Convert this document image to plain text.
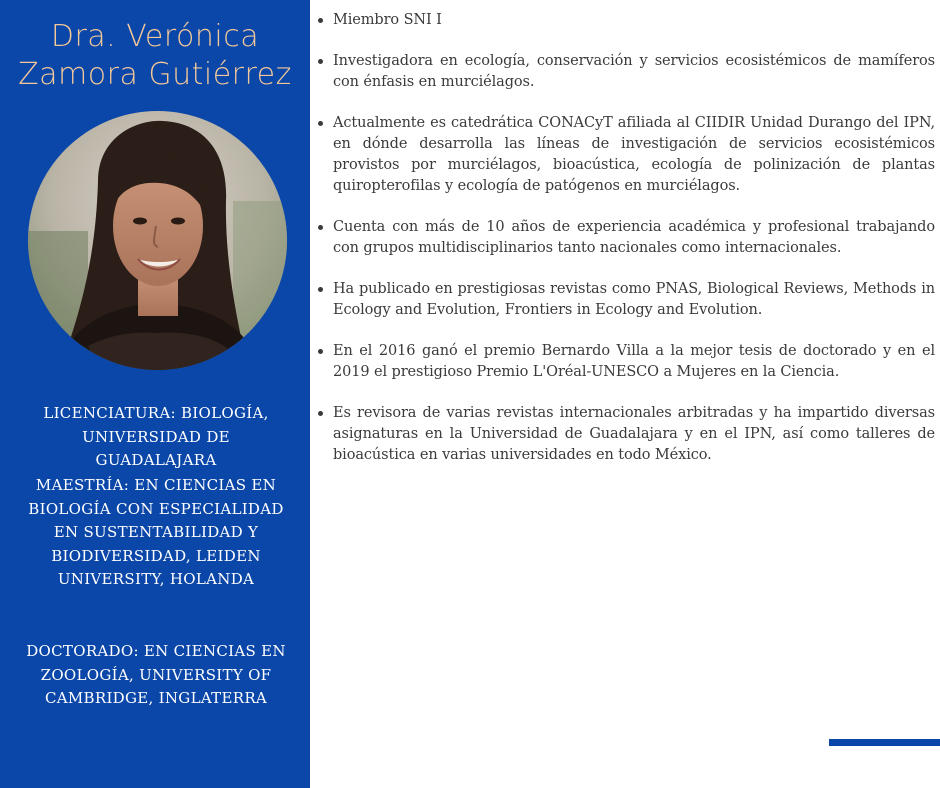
Dra. Verónica
Zamora Gutiérrez
LICENCIATURA: BIOLOGÍA, UNIVERSIDAD DE GUADALAJARA
MAESTRÍA: EN CIENCIAS EN BIOLOGÍA CON ESPECIALIDAD EN SUSTENTABILIDAD Y BIODIVERSIDAD, LEIDEN UNIVERSITY, HOLANDA
DOCTORADO: EN CIENCIAS EN ZOOLOGÍA, UNIVERSITY OF CAMBRIDGE, INGLATERRA
Miembro SNI I
Investigadora en ecología, conservación y servicios ecosistémicos de mamíferos con énfasis en murciélagos.
Actualmente es catedrática CONACyT afiliada al CIIDIR Unidad Durango del IPN, en dónde desarrolla las líneas de investigación de servicios ecosistémicos provistos por murciélagos, bioacústica, ecología de polinización de plantas quiropterofilas y ecología de patógenos en murciélagos.
Cuenta con más de 10 años de experiencia académica y profesional trabajando con grupos multidisciplinarios tanto nacionales como internacionales.
Ha publicado en prestigiosas revistas como PNAS, Biological Reviews, Methods in Ecology and Evolution, Frontiers in Ecology and Evolution.
En el 2016 ganó el premio Bernardo Villa a la mejor tesis de doctorado y en el 2019 el prestigioso Premio L'Oréal-UNESCO a Mujeres en la Ciencia.
Es revisora de varias revistas internacionales arbitradas y ha impartido diversas asignaturas en la Universidad de Guadalajara y en el IPN, así como talleres de bioacústica en varias universidades en todo México.
